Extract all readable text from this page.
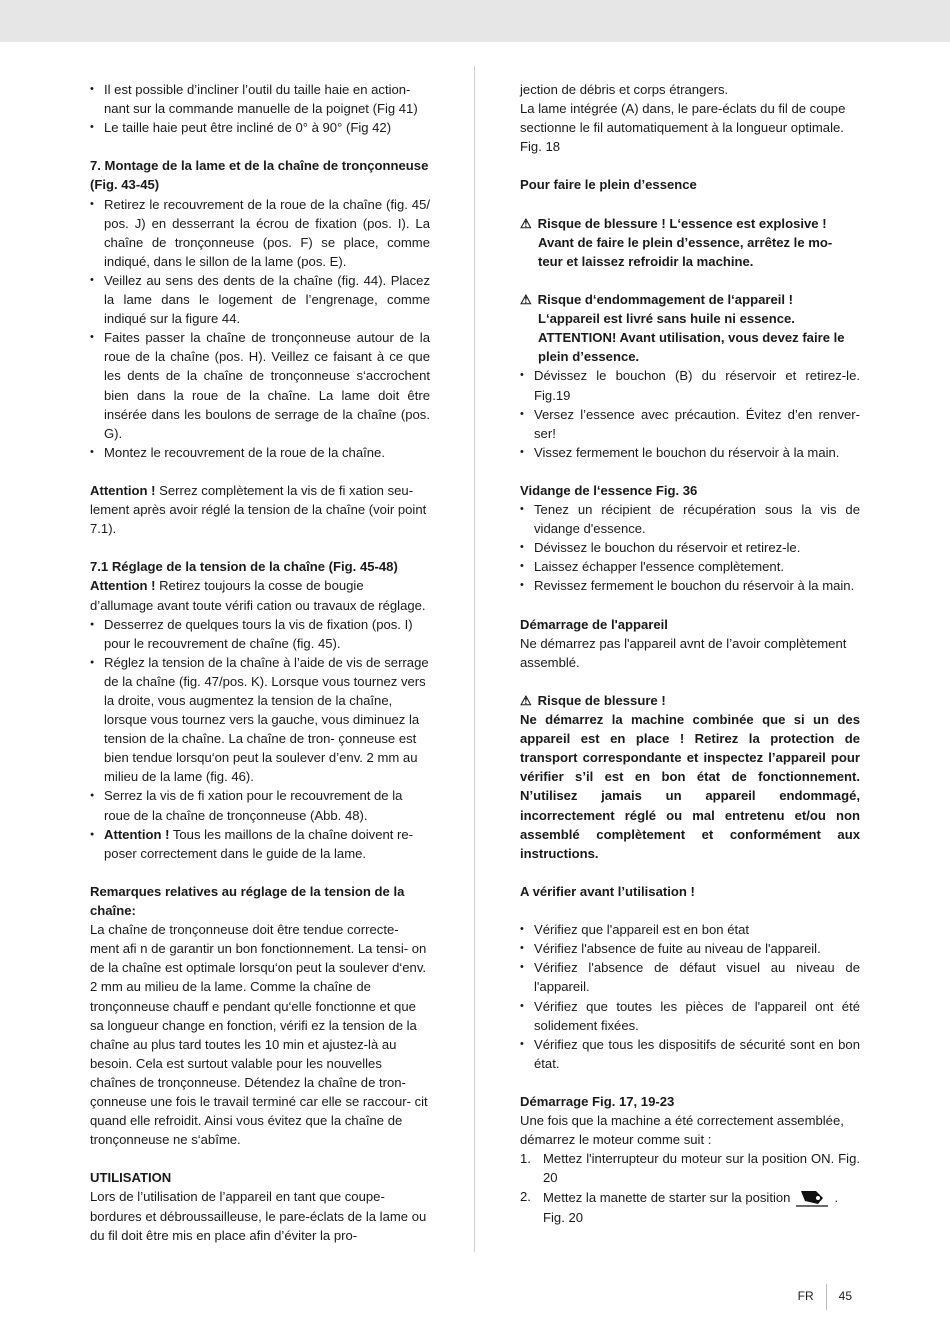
• Il est possible d’incliner l’outil du taille haie en action- nant sur la commande manuelle de la poignet (Fig 41)
• Le taille haie peut être incliné de 0° à 90° (Fig 42)

7. Montage de la lame et de la chaîne de tronçonneuse (Fig. 43-45)

• Retirez le recouvrement de la roue de la chaîne (fig. 45/ pos. J) en desserrant la écrou de fixation (pos. I). La chaîne de tronçonneuse (pos. F) se place, comme indiqué, dans le sillon de la lame (pos. E).
• Veillez au sens des dents de la chaîne (fig. 44). Placez la lame dans le logement de l’engrenage, comme indiqué sur la figure 44.
• Faites passer la chaîne de tronçonneuse autour de la roue de la chaîne (pos. H). Veillez ce faisant à ce que les dents de la chaîne de tronçonneuse s‘accrochent bien dans la roue de la chaîne. La lame doit être insérée dans les boulons de serrage de la chaîne (pos. G).
• Montez le recouvrement de la roue de la chaîne.

Attention ! Serrez complètement la vis de fi xation seu- lement après avoir réglé la tension de la chaîne (voir point 7.1).

7.1 Réglage de la tension de la chaîne (Fig. 45-48)

Attention ! Retirez toujours la cosse de bougie d’allumage avant toute vérifi cation ou travaux de réglage.

● Desserrez de quelques tours la vis de fixation (pos. I) pour le recouvrement de chaîne (fig. 45).
● Réglez la tension de la chaîne à l’aide de vis de serrage de la chaîne (fig. 47/pos. K). Lorsque vous tournez vers la droite, vous augmentez la tension de la chaîne, lorsque vous tournez vers la gauche, vous diminuez la tension de la chaîne. La chaîne de tron- çonneuse est bien tendue lorsqu‘on peut la soulever d’env. 2 mm au milieu de la lame (fig. 46).
● Serrez la vis de fi xation pour le recouvrement de la roue de la chaîne de tronçonneuse (Abb. 48).
● Attention ! Tous les maillons de la chaîne doivent re- poser correctement dans le guide de la lame.

Remarques relatives au réglage de la tension de la chaîne:

La chaîne de tronçonneuse doit être tendue correcte- ment afi n de garantir un bon fonctionnement. La tensi- on de la chaîne est optimale lorsqu‘on peut la soulever d‘env. 2 mm au milieu de la lame. Comme la chaîne de tronçonneuse chauff e pendant qu‘elle fonctionne et que sa longueur change en fonction, vérifi ez la tension de la chaîne au plus tard toutes les 10 min et ajustez-là au besoin. Cela est surtout valable pour les nouvelles chaînes de tronçonneuse. Détendez la chaîne de tron- çonneuse une fois le travail terminé car elle se raccour- cit quand elle refroidit. Ainsi vous évitez que la chaîne de tronçonneuse ne s‘abîme.

UTILISATION

Lors de l’utilisation de l’appareil en tant que coupe- bordures et débroussailleuse, le pare-éclats de la lame ou du fil doit être mis en place afin d’éviter la pro-

jection de débris et corps étrangers.

La lame intégrée (A) dans, le pare-éclats du fil de coupe sectionne le fil automatiquement à la longueur optimale. Fig. 18

Pour faire le plein d’essence

⚠ Risque de blessure ! L‘essence est explosive !

Avant de faire le plein d’essence, arrêtez le mo- teur et laissez refroidir la machine.

⚠ Risque d‘endommagement de l‘appareil !

L‘appareil est livré sans huile ni essence. ATTENTION! Avant utilisation, vous devez faire le plein d’essence.

• Dévissez le bouchon (B) du réservoir et retirez-le. Fig.19
• Versez l’essence avec précaution. Évitez d’en renver- ser!
• Vissez fermement le bouchon du réservoir à la main.

Vidange de l‘essence Fig. 36

• Tenez un récipient de récupération sous la vis de vidange d'essence.
• Dévissez le bouchon du réservoir et retirez-le.
• Laissez échapper l'essence complètement.
• Revissez fermement le bouchon du réservoir à la main.

Démarrage de l'appareil

Ne démarrez pas l'appareil avnt de l’avoir complètement assemblé.

⚠ Risque de blessure !

Ne démarrez la machine combinée que si un des appareil est en place ! Retirez la protection de transport correspondante et inspectez l’appareil pour vérifier s’il est en bon état de fonctionnement. N’utilisez jamais un appareil endommagé, incorrectement réglé ou mal entretenu et/ou non assemblé complètement et conformément aux instructions.

A vérifier avant l’utilisation !

• Vérifiez que l'appareil est en bon état
• Vérifiez l'absence de fuite au niveau de l'appareil.
• Vérifiez l'absence de défaut visuel au niveau de l'appareil.
• Vérifiez que toutes les pièces de l'appareil ont été solidement fixées.
• Vérifiez que tous les dispositifs de sécurité sont en bon état.

Démarrage Fig. 17, 19-23

Une fois que la machine a été correctement assemblée, démarrez le moteur comme suit :

1. Mettez l'interrupteur du moteur sur la position ON. Fig. 20
2. Mettez la manette de starter sur la position	.
Fig. 20
FR 45
